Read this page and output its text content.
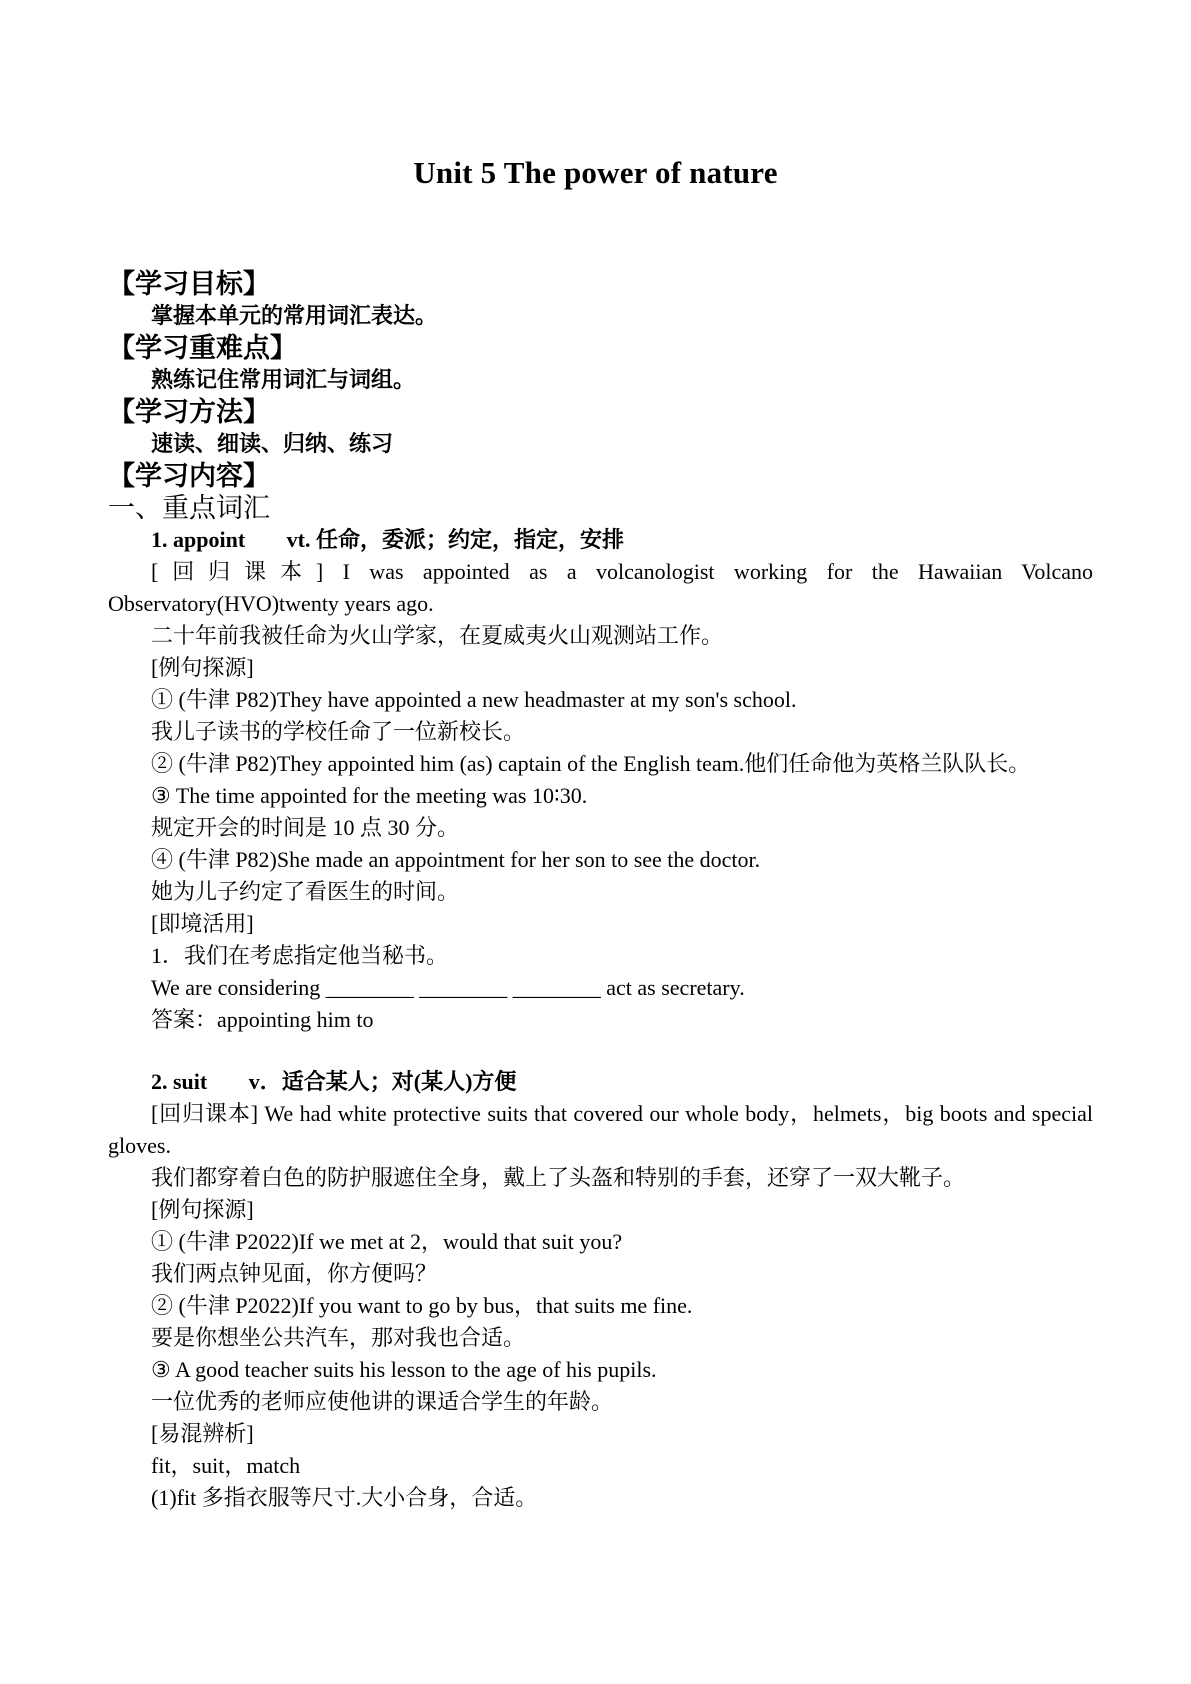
Unit 5 The power of nature
【学习目标】
掌握本单元的常用词汇表达。
【学习重难点】
熟练记住常用词汇与词组。
【学习方法】
速读、细读、归纳、练习
【学习内容】
一、重点词汇
1. appoint vt. 任命，委派；约定，指定，安排
[回归课本] I was appointed as a volcanologist working for the Hawaiian Volcano Observatory(HVO)twenty years ago.
二十年前我被任命为火山学家，在夏威夷火山观测站工作。
[例句探源]
① (牛津 P82)They have appointed a new headmaster at my son's school.
我儿子读书的学校任命了一位新校长。
② (牛津 P82)They appointed him (as) captain of the English team.他们任命他为英格兰队队长。
③ The time appointed for the meeting was 10∶30.
规定开会的时间是 10 点 30 分。
④ (牛津 P82)She made an appointment for her son to see the doctor.
她为儿子约定了看医生的时间。
[即境活用]
1．我们在考虑指定他当秘书。
We are considering ________ ________ ________ act as secretary.
答案：appointing him to
2. suit v．适合某人；对(某人)方便
[回归课本] We had white protective suits that covered our whole body，helmets，big boots and special gloves.
我们都穿着白色的防护服遮住全身，戴上了头盔和特别的手套，还穿了一双大靴子。
[例句探源]
① (牛津 P2022)If we met at 2，would that suit you?
我们两点钟见面，你方便吗？
② (牛津 P2022)If you want to go by bus，that suits me fine.
要是你想坐公共汽车，那对我也合适。
③ A good teacher suits his lesson to the age of his pupils.
一位优秀的老师应使他讲的课适合学生的年龄。
[易混辨析]
fit，suit，match
(1)fit 多指衣服等尺寸.大小合身，合适。
